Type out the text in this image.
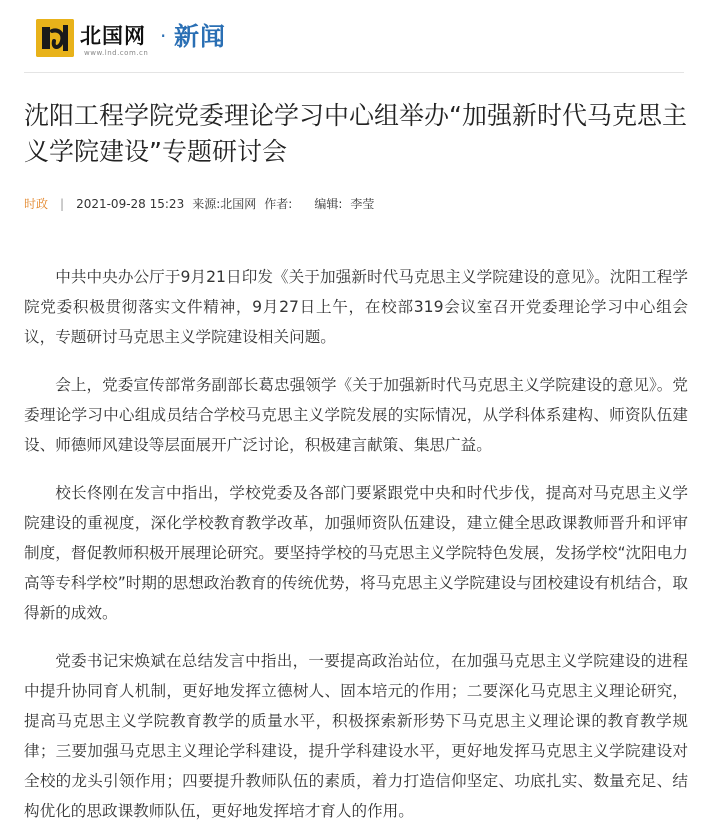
北国网
www.lnd.com.cn
· 新闻
沈阳工程学院党委理论学习中心组举办“加强新时代马克思主义学院建设”专题研讨会
时政 | 2021-09-28 15:23 来源:北国网 作者: 编辑: 李莹

中共中央办公厅于9月21日印发《关于加强新时代马克思主义学院建设的意见》。沈阳工程学院党委积极贯彻落实文件精神，9月27日上午，在校部319会议室召开党委理论学习中心组会议，专题研讨马克思主义学院建设相关问题。

会上，党委宣传部常务副部长葛忠强领学《关于加强新时代马克思主义学院建设的意见》。党委理论学习中心组成员结合学校马克思主义学院发展的实际情况，从学科体系建构、师资队伍建设、师德师风建设等层面展开广泛讨论，积极建言献策、集思广益。

校长佟刚在发言中指出，学校党委及各部门要紧跟党中央和时代步伐，提高对马克思主义学院建设的重视度，深化学校教育教学改革，加强师资队伍建设，建立健全思政课教师晋升和评审制度，督促教师积极开展理论研究。要坚持学校的马克思主义学院特色发展，发扬学校“沈阳电力高等专科学校”时期的思想政治教育的传统优势，将马克思主义学院建设与团校建设有机结合，取得新的成效。

党委书记宋焕斌在总结发言中指出，一要提高政治站位，在加强马克思主义学院建设的进程中提升协同育人机制，更好地发挥立德树人、固本培元的作用；二要深化马克思主义理论研究，提高马克思主义学院教育教学的质量水平，积极探索新形势下马克思主义理论课的教育教学规律；三要加强马克思主义理论学科建设，提升学科建设水平，更好地发挥马克思主义学院建设对全校的龙头引领作用；四要提升教师队伍的素质，着力打造信仰坚定、功底扎实、数量充足、结构优化的思政课教师队伍，更好地发挥培才育人的作用。
